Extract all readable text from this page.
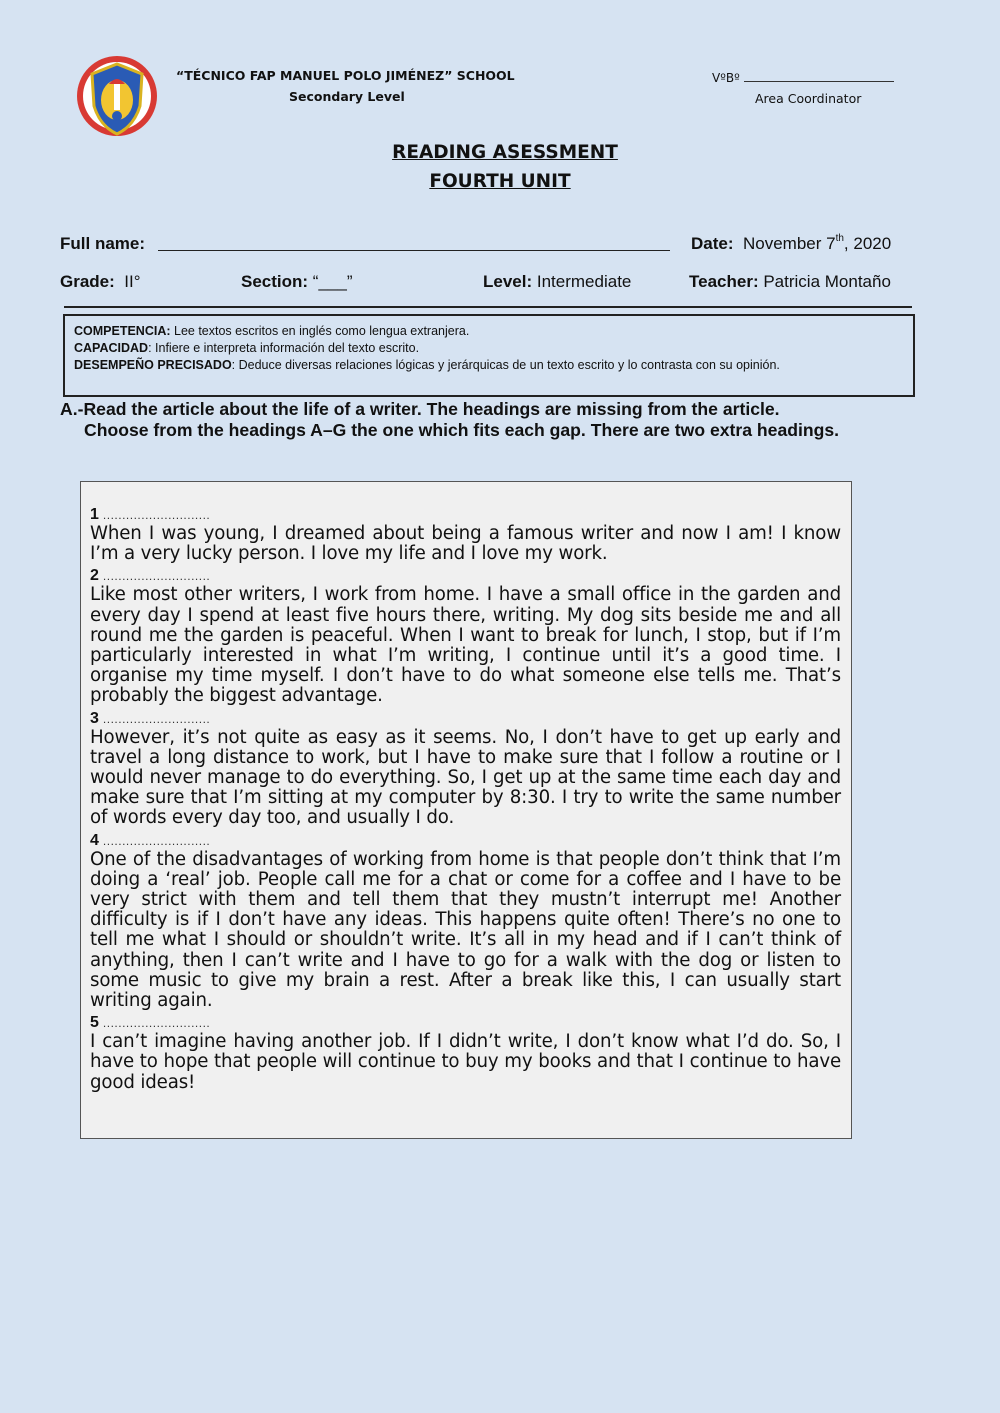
“TÉCNICO FAP MANUEL POLO JIMÉNEZ” SCHOOL
Secondary Level
VºBº
Area Coordinator
READING ASESSMENT
FOURTH UNIT
Full name:	Date: November 7th, 2020
Grade: II°	Section: “___”	Level: Intermediate	Teacher: Patricia Montaño
COMPETENCIA: Lee textos escritos en inglés como lengua extranjera.
CAPACIDAD: Infiere e interpreta información del texto escrito.
DESEMPEÑO PRECISADO: Deduce diversas relaciones lógicas y jerárquicas de un texto escrito y lo contrasta con su opinión.
A.-Read the article about the life of a writer. The headings are missing from the article.
Choose from the headings A–G the one which fits each gap. There are two extra headings.
1 ............................
When I was young, I dreamed about being a famous writer and now I am! I know I’m a very lucky person. I love my life and I love my work.
2 ............................
Like most other writers, I work from home. I have a small office in the garden and every day I spend at least five hours there, writing. My dog sits beside me and all round me the garden is peaceful. When I want to break for lunch, I stop, but if I’m particularly interested in what I’m writing, I continue until it’s a good time. I organise my time myself. I don’t have to do what someone else tells me. That’s probably the biggest advantage.
3 ............................
However, it’s not quite as easy as it seems. No, I don’t have to get up early and travel a long distance to work, but I have to make sure that I follow a routine or I would never manage to do everything. So, I get up at the same time each day and make sure that I’m sitting at my computer by 8:30. I try to write the same number of words every day too, and usually I do.
4 ............................
One of the disadvantages of working from home is that people don’t think that I’m doing a ‘real’ job. People call me for a chat or come for a coffee and I have to be very strict with them and tell them that they mustn’t interrupt me! Another difficulty is if I don’t have any ideas. This happens quite often! There’s no one to tell me what I should or shouldn’t write. It’s all in my head and if I can’t think of anything, then I can’t write and I have to go for a walk with the dog or listen to some music to give my brain a rest. After a break like this, I can usually start writing again.
5 ............................
I can’t imagine having another job. If I didn’t write, I don’t know what I’d do. So, I have to hope that people will continue to buy my books and that I continue to have good ideas!
